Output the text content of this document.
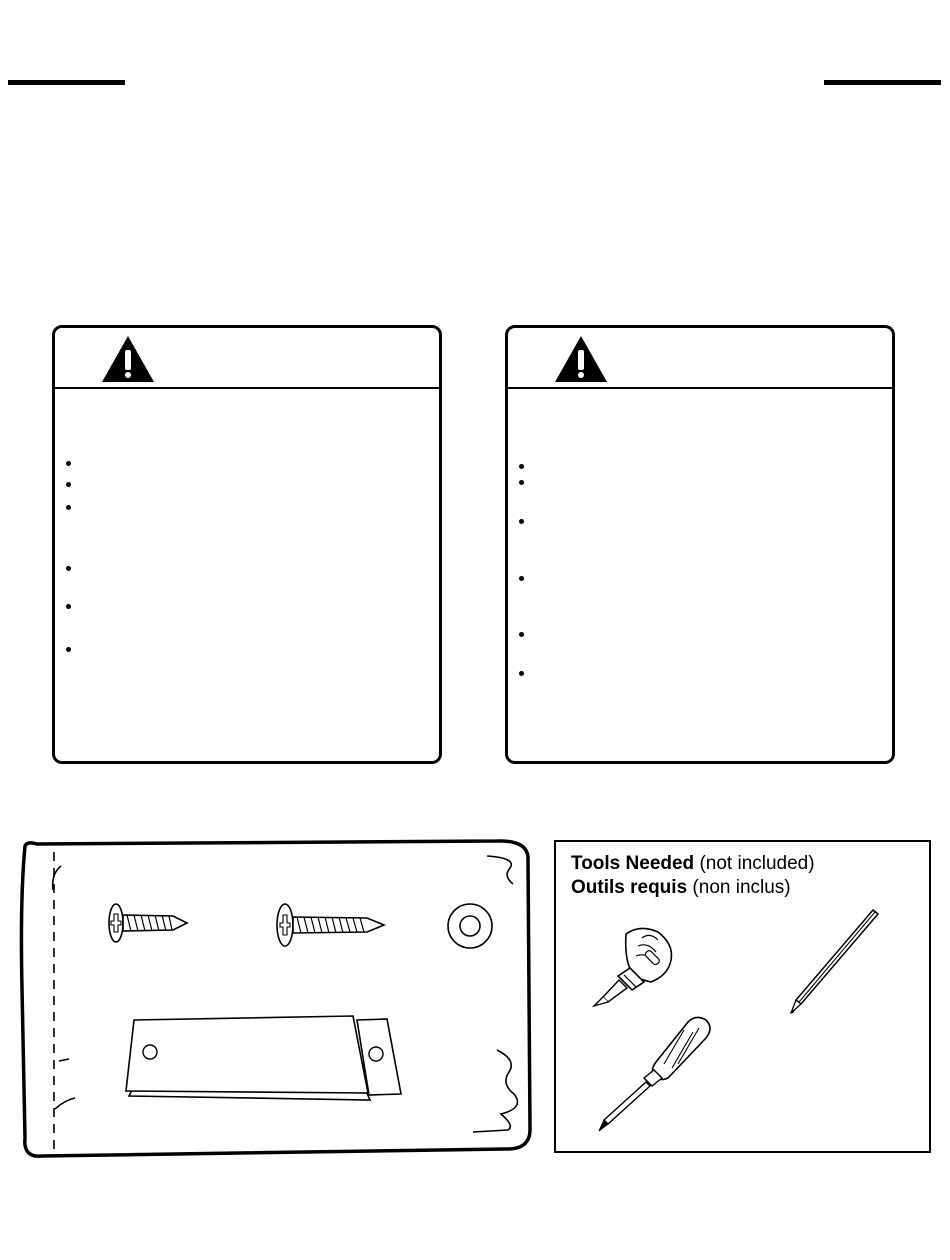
Tools Needed (not included)
Outils requis (non inclus)
